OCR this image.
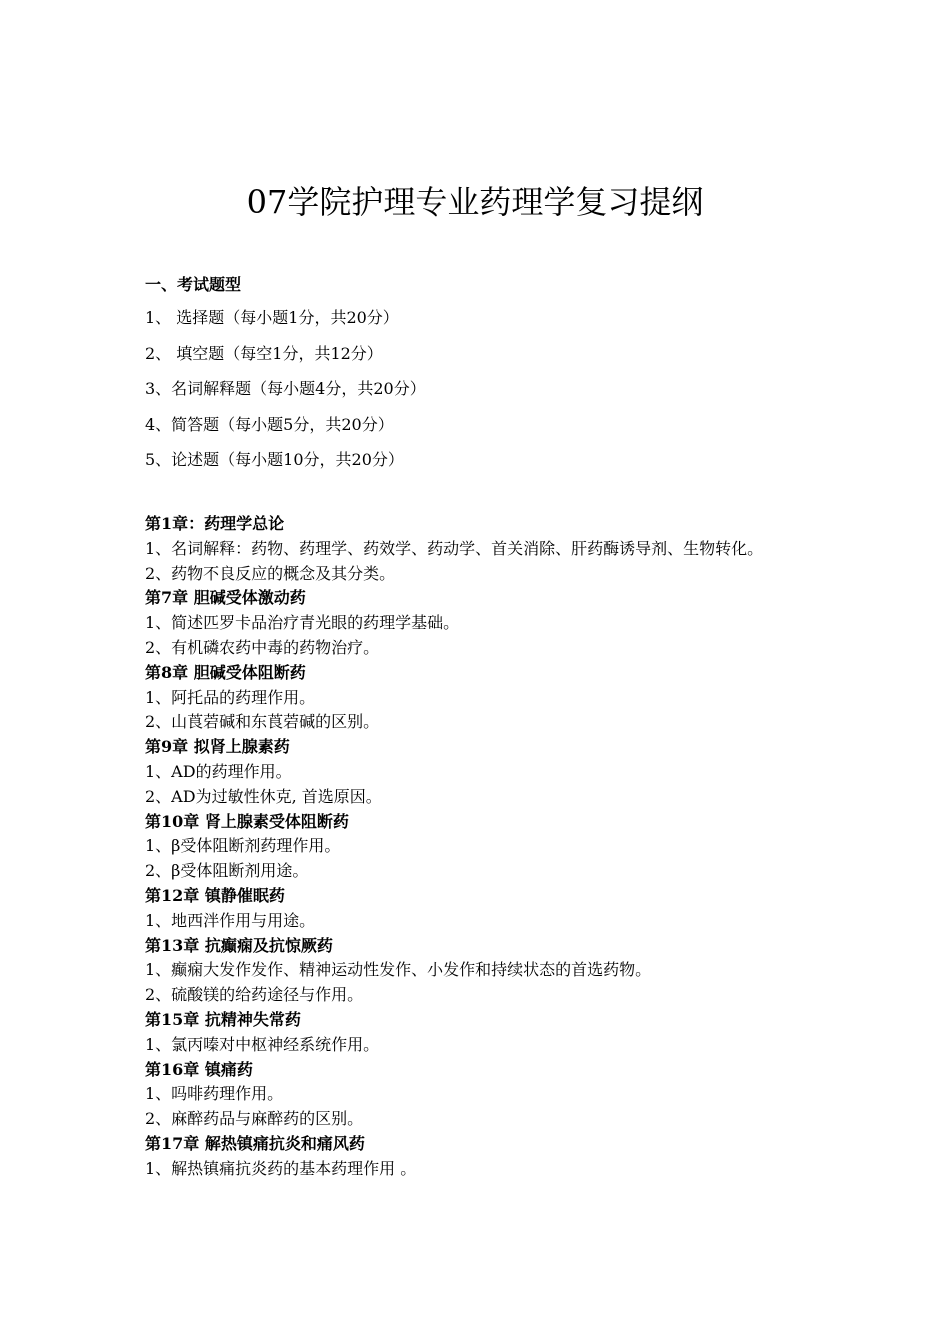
07学院护理专业药理学复习提纲

一、考试题型

1、 选择题（每小题1分，共20分）

2、 填空题（每空1分，共12分）

3、名词解释题（每小题4分，共20分）

4、简答题（每小题5分，共20分）

5、论述题（每小题10分，共20分）

第1章：药理学总论

1、名词解释：药物、药理学、药效学、药动学、首关消除、肝药酶诱导剂、生物转化。

2、药物不良反应的概念及其分类。

第7章 胆碱受体激动药

1、简述匹罗卡品治疗青光眼的药理学基础。

2、有机磷农药中毒的药物治疗。

第8章 胆碱受体阻断药

1、阿托品的药理作用。

2、山莨菪碱和东莨菪碱的区别。

第9章 拟肾上腺素药

1、AD的药理作用。

2、AD为过敏性休克, 首选原因。

第10章 肾上腺素受体阻断药

1、β受体阻断剂药理作用。

2、β受体阻断剂用途。

第12章 镇静催眠药

1、地西泮作用与用途。

第13章 抗癫痫及抗惊厥药

1、癫痫大发作发作、精神运动性发作、小发作和持续状态的首选药物。

2、硫酸镁的给药途径与作用。

第15章 抗精神失常药

1、氯丙嗪对中枢神经系统作用。

第16章 镇痛药

1、吗啡药理作用。

2、麻醉药品与麻醉药的区别。

第17章 解热镇痛抗炎和痛风药

1、解热镇痛抗炎药的基本药理作用 。
